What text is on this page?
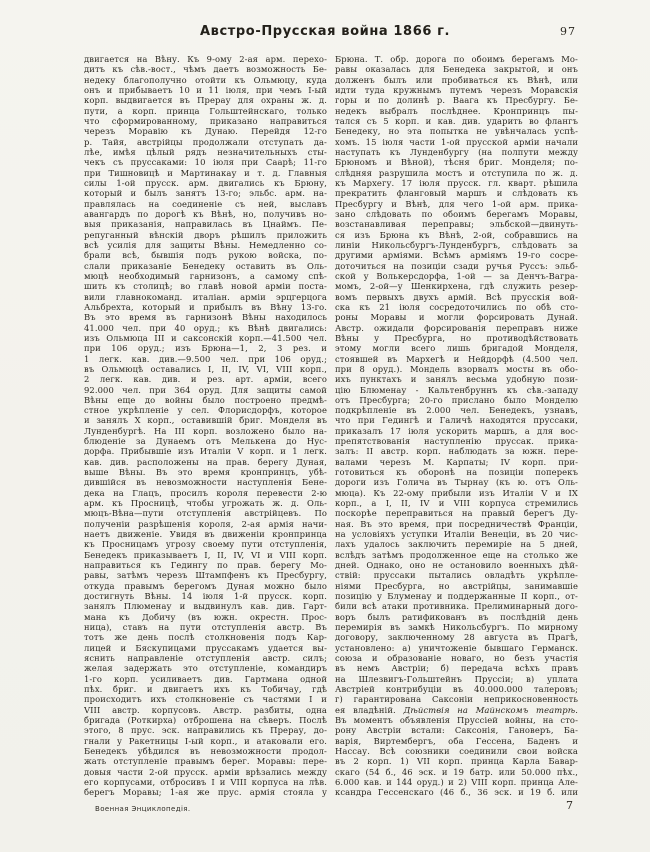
Австро-Прусская война 1866 г.	97
двигается на Вѣну. Къ 9-ому 2-ая арм. перехо-
дитъ къ сѣв.-вост., чѣмъ даетъ возможность Бе-
недеку благополучно отойти къ Ольмюцу, куда
онъ и прибываетъ 10 и 11 іюля, при чемъ І-ый
корп. выдвигается въ Прерау для охраны ж. д.
пути, а корп. принца Гольштейнскаго, только
что сформированному, приказано направиться
черезъ Моравію къ Дунаю. Перейдя 12-го
р. Тайя, австрійцы продолжали отступать да-
лѣе, имѣя цѣлый рядъ незначительныхъ сты-
чекъ съ пруссаками: 10 іюля при Саарѣ; 11-го
при Тишновицѣ и Мартинакау и т. д. Главныя
силы 1-ой прусск. арм. двигались къ Брюну,
который и былъ занятъ 13-го; эльбс. арм. на-
правлялась на соединеніе съ ней, выславъ
авангардъ по дорогѣ къ Вѣнѣ, но, получивъ но-
выя приказанія, направилась въ Цнаймъ. Пе-
репуганный вѣнскій дворъ рѣшилъ приложить
всѣ усилія для защиты Вѣны. Немедленно со-
брали всѣ, бывшія подъ рукою войска, по-
слали приказаніе Бенедеку оставить въ Оль-
мюцѣ необходимый гарнизонъ, а самому спѣ-
шить къ столицѣ; во главѣ новой арміи поста-
вили главнокоманд. италіан. арміи эрцгерцога
Альбрехта, который и прибылъ въ Вѣну 13-го.
Въ это время въ гарнизонѣ Вѣны находилось
41.000 чел. при 40 оруд.; къ Вѣнѣ двигались:
изъ Ольмюца III и саксонскій корп.—41.500 чел.
при 106 оруд.; изъ Брюна—1, 2, 3 рез. и
1 легк. кав. див.—9.500 чел. при 106 оруд.;
въ Ольмюцѣ оставались I, II, IV, VI, VIII корп.,
2 легк. кав. див. и рез. арт. арміи, всего
92.000 чел. при 364 оруд. Для защиты самой
Вѣны еще до войны было построено предмѣ-
стное укрѣпленіе у сел. Флорисдорфъ, которое
и занялъ X корп., оставившій бриг. Монделя въ
Лунденбургѣ. На III корп. возложено было на-
блюденіе за Дунаемъ отъ Мелькена до Нус-
дорфа. Прибывшіе изъ Италіи V корп. и 1 легк.
кав. див. расположены на прав. берегу Дуная,
выше Вѣны. Въ это время кронпринцъ, убѣ-
дившійся въ невозможности наступленія Бене-
дека на Глацъ, просилъ короля перевести 2-ю
арм. къ Просницѣ, чтобы угрожать ж. д. Оль-
мюцъ-Вѣна—пути отступленія австрійцевъ. По
полученіи разрѣшенія короля, 2-ая армія начи-
наетъ движеніе. Увидя въ движеніи кронпринца
къ Просницамъ угрозу своему пути отступленія,
Бенедекъ приказываетъ I, II, IV, VI и VIII корп.
направиться къ Гедингу по прав. берегу Мо-
равы, затѣмъ черезъ Штампфенъ къ Пресбургу,
откуда правымъ берегомъ Дуная можно было
достигнуть Вѣны. 14 іюля 1-й прусск. корп.
занялъ Плюменау и выдвинулъ кав. див. Гарт-
мана къ Добичу (въ южн. окрестн. Прос-
ница), ставъ на пути отступленія австр. Въ
тотъ же день послѣ столкновенія подъ Кар-
лицей и Бяскупицами пруссакамъ удается вы-
яснить направленіе отступленія австр. силъ;
желая задержать это отступленіе, командиръ
1-го корп. усиливаетъ див. Гартмана одной
пѣх. бриг. и двигаетъ ихъ къ Тобичау, гдѣ
происходитъ ихъ столкновеніе съ частями I и
VIII австр. корпусовъ. Австр. разбиты, одна
бригада (Роткирха) отброшена на сѣверъ. Послѣ
этого, 8 прус. эск. направились къ Прерау, до-
гнали у Ракетницы І-ый корп., и атаковали его.
Бенедекъ убѣдился въ невозможности продол-
жать отступленіе правымъ берег. Моравы: пере-
довыя части 2-ой прусск. арміи врѣзались между
его корпусами, отбросивъ I и VIII корпуса на лѣв.
берегъ Моравы; 1-ая же прус. армія стояла у
Брюна. Т. обр. дорога по обоимъ берегамъ Мо-
равы оказалась для Бенедека закрытой, и онъ
долженъ былъ или пробиваться къ Вѣнѣ, или
идти туда кружнымъ путемъ черезъ Моравскія
горы и по долинѣ р. Ваага къ Пресбургу. Бе-
недекъ выбралъ послѣднее. Кронпринцъ пы-
тался съ 5 корп. и кав. див. ударить во флангъ
Бенедеку, но эта попытка не увѣнчалась успѣ-
хомъ. 15 іюля части 1-ой прусской арміи начали
наступать къ Лунденбургу (на полпути между
Брюномъ и Вѣной), тѣсня бриг. Монделя; по-
слѣдняя разрушила мостъ и отступила по ж. д.
къ Мархегу. 17 іюля прусск. гл. кварт. рѣшила
прекратить фланговый маршъ и слѣдовать къ
Пресбургу и Вѣнѣ, для чего 1-ой арм. прика-
зано слѣдовать по обоимъ берегамъ Моравы,
возстанавливая переправы; эльбской—двинуть-
ся изъ Брюна къ Вѣнѣ, 2-ой, собравшись на
линіи Никольсбургъ-Лунденбургъ, слѣдовать за
другими арміями. Всѣмъ арміямъ 19-го сосре-
доточиться на позиціи сзади ручья Руссъ: эльб-
ской у Волькерсдорфа, 1-ой — за Денчъ-Вагра-
момъ, 2-ой—у Шенкирхена, гдѣ служить резер-
вомъ первыхъ двухъ армій. Всѣ прусскія вой-
ска къ 21 іюля сосредоточились по обѣ сто-
роны Моравы и могли форсировать Дунай.
Австр. ожидали форсированія переправъ ниже
Вѣны у Пресбурга, но противодѣйствовать
этому могли всего лишь бригадой Монделя,
стоявшей въ Мархегѣ и Нейдорфѣ (4.500 чел.
при 8 оруд.). Мондель взорвалъ мосты въ обо-
ихъ пунктахъ и занялъ весьма удобную пози-
цію Блюменау - Кальтенбруннъ къ сѣв.-западу
отъ Пресбурга; 20-го прислано было Монделю
подкрѣпленіе въ 2.000 чел. Бенедекъ, узнавъ,
что при Гедингѣ и Галичѣ находятся пруссаки,
приказалъ 17 іюля ускорить маршъ, а для вос-
препятствованія наступленію пруссак. прика-
залъ: II австр. корп. наблюдать за южн. пере-
валами черезъ М. Карпаты; IV корп. при-
готовиться къ оборонѣ на позиціи поперекъ
дороги изъ Голича въ Тырнау (къ ю. отъ Оль-
мюца). Къ 22-ому прибыли изъ Италіи V и IX
корп., а I, II, IV и VIII корпуса стремились
поскорѣе переправиться на правый берегъ Ду-
ная. Въ это время, при посредничествѣ Франціи,
на условіяхъ уступки Италіи Венеціи, въ 20 чис-
лахъ удалось заключить перемиріе на 5 дней,
вслѣдъ затѣмъ продолженное еще на столько же
дней. Однако, оно не остановило военныхъ дѣй-
ствій: пруссаки пытались овладѣть укрѣпле-
ніями Пресбурга, но австрійцы, занимавшіе
позицію у Блуменау и поддержанные II корп., от-
били всѣ атаки противника. Прелиминарный дого-
воръ былъ ратификованъ въ послѣдній день
перемирія въ замкѣ Никольсбургъ. По мирному
договору, заключенному 28 августа въ Прагѣ,
установлено: а) уничтоженіе бывшаго Германск.
союза и образованіе новаго, но безъ участія
въ немъ Австріи; б) передача всѣхъ правъ
на Шлезвигъ-Гольштейнъ Пруссіи; в) уплата
Австріей контрибуціи въ 40.000.000 талеровъ;
г) гарантирована Саксоніи неприкосновенность
ея владѣній. Дѣйствія на Майнскомъ театрѣ.
Въ моментъ объявленія Пруссіей войны, на сто-
рону Австріи встали: Саксонія, Гановеръ, Ба-
варія, Виртембергъ, оба Гессена, Баденъ и
Нассау. Всѣ союзники соединили свои войска
въ 2 корп. 1) VII корп. принца Карла Бавар-
скаго (54 б., 46 эск. и 19 батр. или 50.000 пѣх.,
6.000 кав. и 144 оруд.) и 2) VIII корп. принца Але-
ксандра Гессенскаго (46 б., 36 эск. и 19 б. или
Военная Энциклопедія.	7
